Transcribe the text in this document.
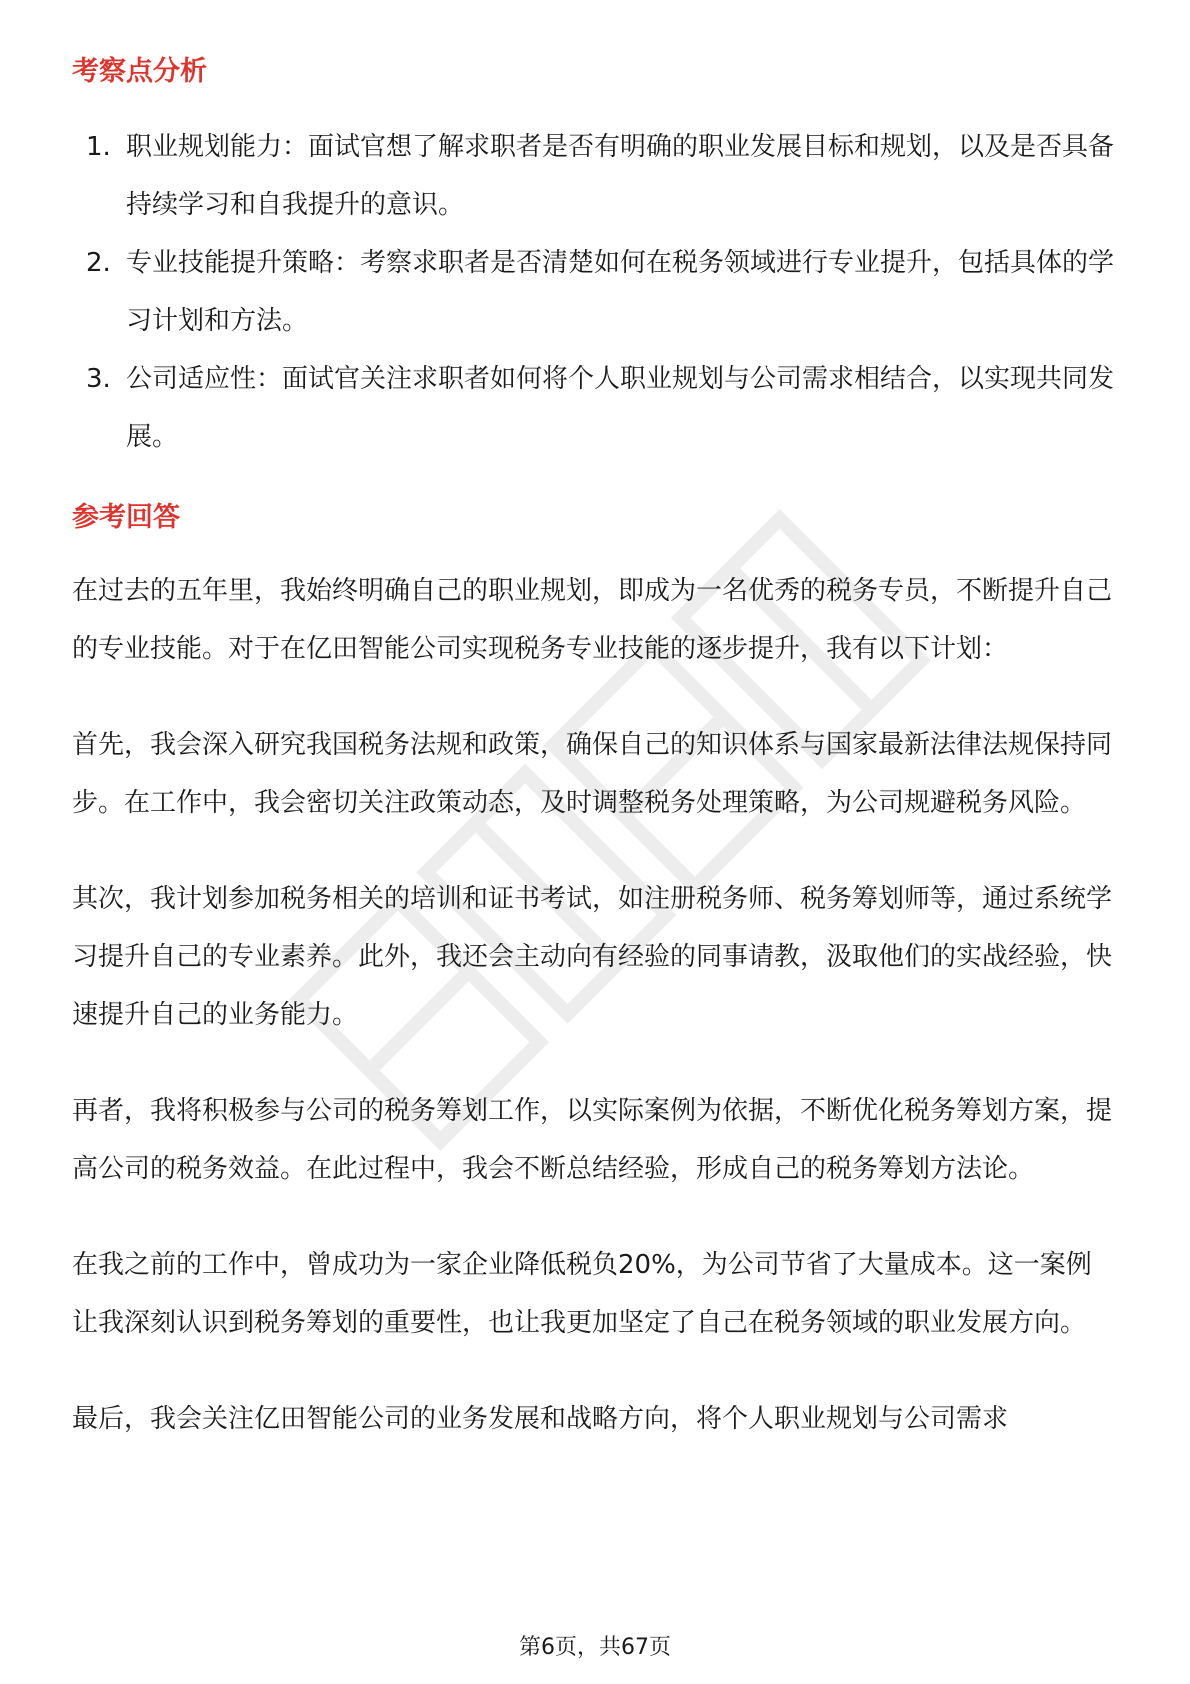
考察点分析
1. 职业规划能力：面试官想了解求职者是否有明确的职业发展目标和规划，以及是否具备持续学习和自我提升的意识。
2. 专业技能提升策略：考察求职者是否清楚如何在税务领域进行专业提升，包括具体的学习计划和方法。
3. 公司适应性：面试官关注求职者如何将个人职业规划与公司需求相结合，以实现共同发展。
参考回答

在过去的五年里，我始终明确自己的职业规划，即成为一名优秀的税务专员，不断提升自己的专业技能。对于在亿田智能公司实现税务专业技能的逐步提升，我有以下计划：

首先，我会深入研究我国税务法规和政策，确保自己的知识体系与国家最新法律法规保持同步。在工作中，我会密切关注政策动态，及时调整税务处理策略，为公司规避税务风险。

其次，我计划参加税务相关的培训和证书考试，如注册税务师、税务筹划师等，通过系统学习提升自己的专业素养。此外，我还会主动向有经验的同事请教，汲取他们的实战经验，快速提升自己的业务能力。

再者，我将积极参与公司的税务筹划工作，以实际案例为依据，不断优化税务筹划方案，提高公司的税务效益。在此过程中，我会不断总结经验，形成自己的税务筹划方法论。

在我之前的工作中，曾成功为一家企业降低税负20%，为公司节省了大量成本。这一案例让我深刻认识到税务筹划的重要性，也让我更加坚定了自己在税务领域的职业发展方向。

最后，我会关注亿田智能公司的业务发展和战略方向，将个人职业规划与公司需求

第6页，共67页
